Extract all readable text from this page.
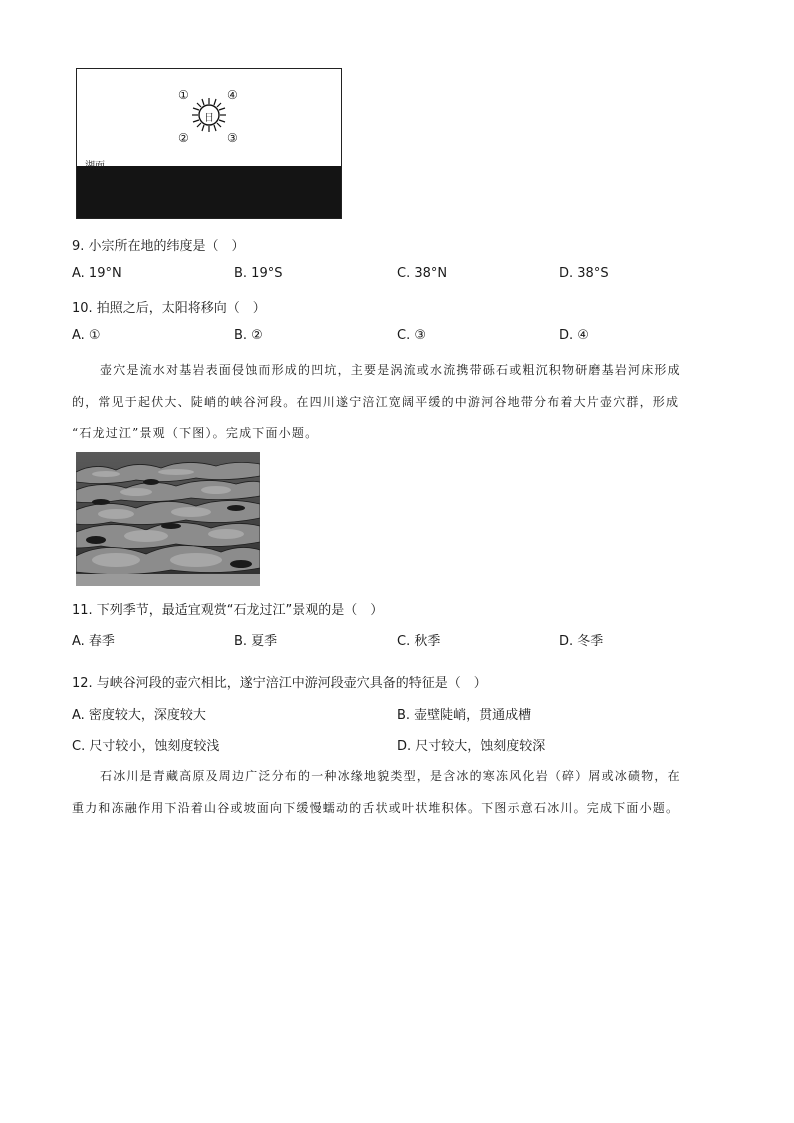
①	④
②	③
日
湖面
9. 小宗所在地的纬度是（　）
A. 19°N	B. 19°S	C. 38°N	D. 38°S
10. 拍照之后，太阳将移向（　）
A. ①	B. ②	C. ③	D. ④
壶穴是流水对基岩表面侵蚀而形成的凹坑，主要是涡流或水流携带砾石或粗沉积物研磨基岩河床形成
的，常见于起伏大、陡峭的峡谷河段。在四川遂宁涪江宽阔平缓的中游河谷地带分布着大片壶穴群，形成
“石龙过江”景观（下图）。完成下面小题。
11. 下列季节，最适宜观赏“石龙过江”景观的是（　）
A. 春季	B. 夏季	C. 秋季	D. 冬季
12. 与峡谷河段的壶穴相比，遂宁涪江中游河段壶穴具备的特征是（　）
A. 密度较大，深度较大	B. 壶壁陡峭，贯通成槽
C. 尺寸较小，蚀刻度较浅	D. 尺寸较大，蚀刻度较深
石冰川是青藏高原及周边广泛分布的一种冰缘地貌类型，是含冰的寒冻风化岩（碎）屑或冰碛物，在
重力和冻融作用下沿着山谷或坡面向下缓慢蠕动的舌状或叶状堆积体。下图示意石冰川。完成下面小题。
